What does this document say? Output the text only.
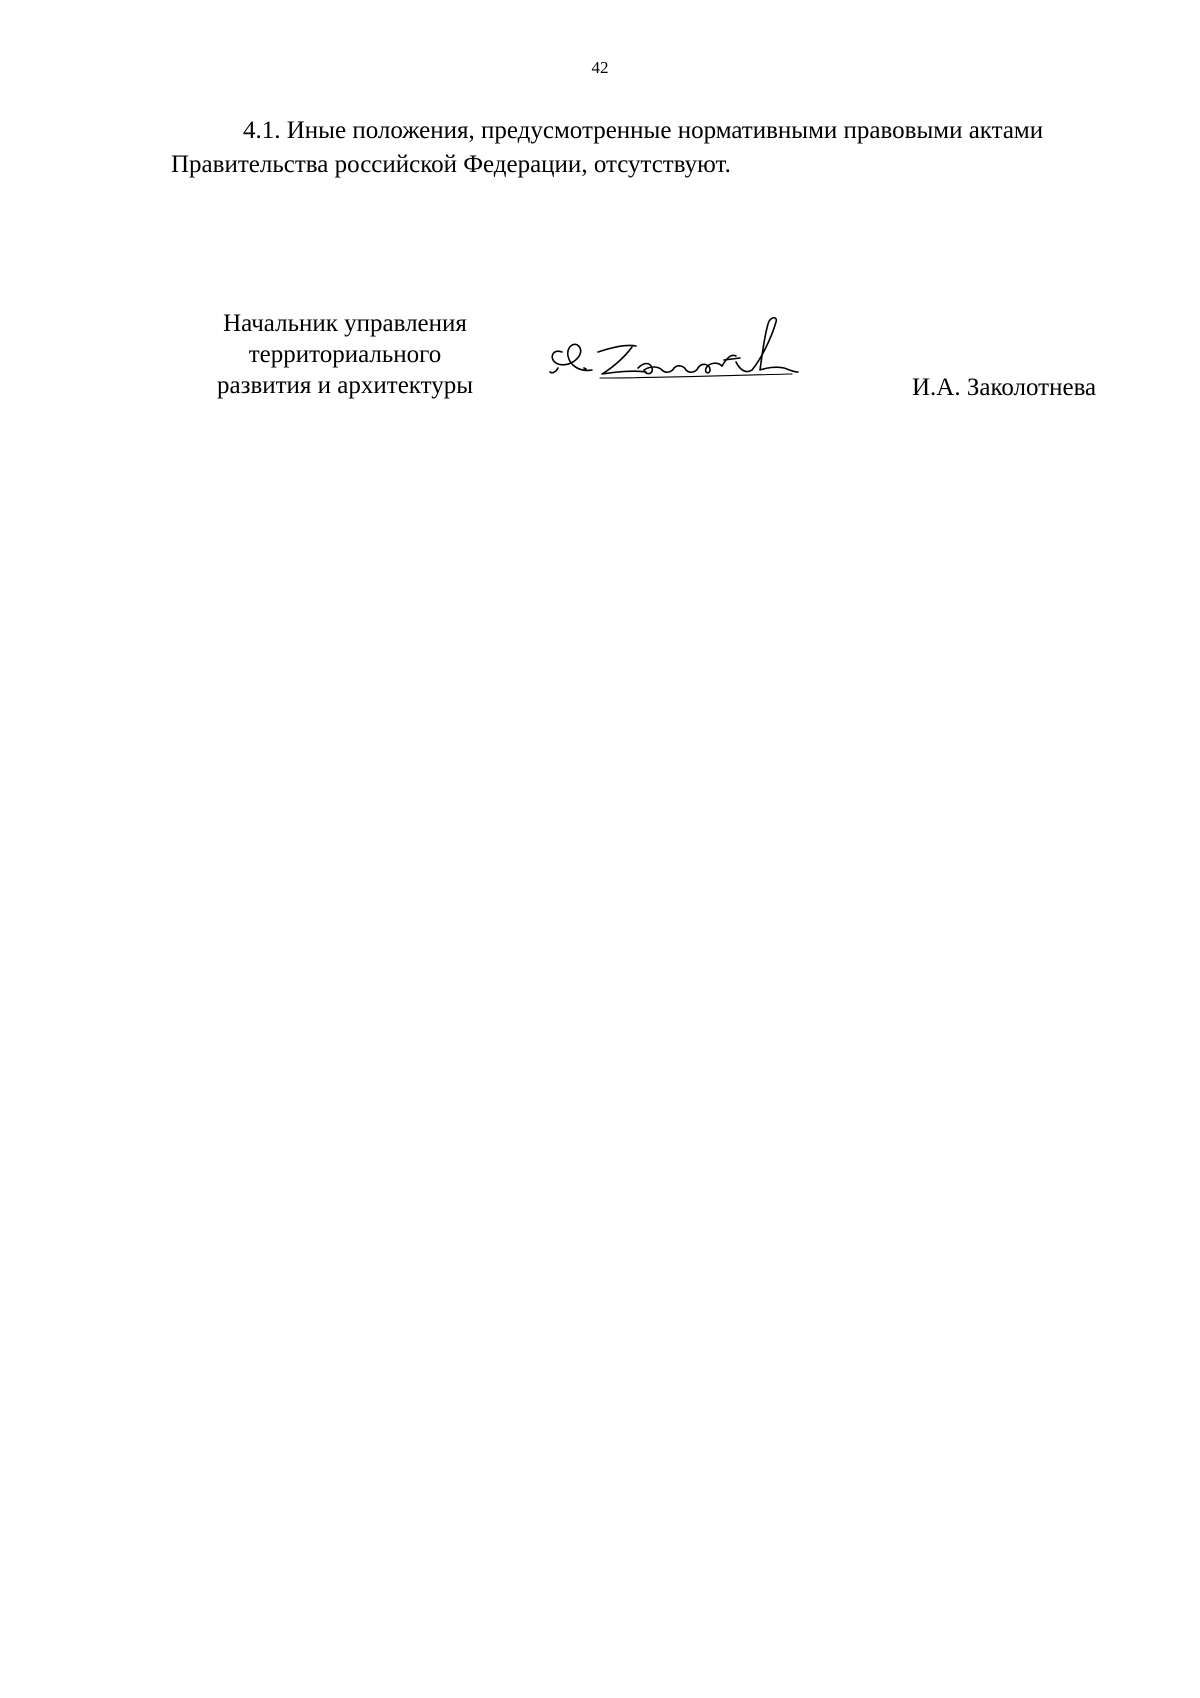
42
4.1. Иные положения, предусмотренные нормативными правовыми актами
Правительства российской Федерации, отсутствуют.
Начальник управления
территориального
развития и архитектуры	И.А. Заколотнева
